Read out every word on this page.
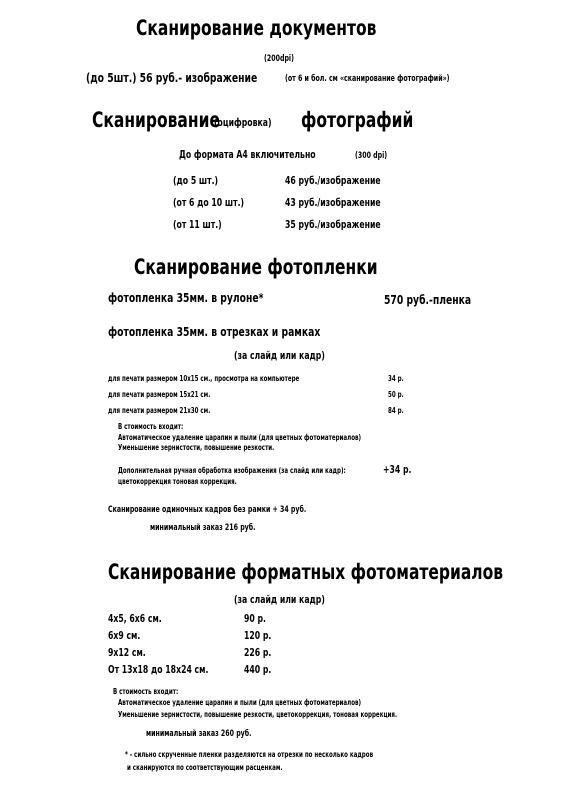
Сканирование документов
(200dpi)
(до 5шт.) 56 руб.- изображение	(от 6 и бол. см «сканирование фотографий»)
Сканирование
(оцифровка) фотографий
До формата А4 включительно	(300 dpi)
(до 5 шт.)	46 руб./изображение
(от 6 до 10 шт.)	43 руб./изображение
(от 11 шт.)	35 руб./изображение
Сканирование фотопленки
фотопленка 35мм. в рулоне*	570 руб.-пленка
фотопленка 35мм. в отрезках и рамках
(за слайд или кадр)
для печати размером 10х15 см., просмотра на компьютере	34 р.
для печати размером 15х21 см.	50 р.
для печати размером 21х30 см.	84 р.
В стоимость входит:
Автоматическое удаление царапин и пыли (для цветных фотоматериалов)
Уменьшение зернистости, повышение резкости.
Дополнительная ручная обработка изображения (за слайд или кадр):	+34 р.
цветокоррекция тоновая коррекция.
Сканирование одиночных кадров без рамки + 34 руб.
минимальный заказ 216 руб.
Сканирование форматных фотоматериалов
(за слайд или кадр)
4х5, 6х6 см.	90 р.
6х9 см.	120 р.
9х12 см.	226 р.
От 13х18 до 18х24 см.	440 р.
В стоимость входит:
Автоматическое удаление царапин и пыли (для цветных фотоматериалов)
Уменьшение зернистости, повышение резкости, цветокоррекция, тоновая коррекция.
минимальный заказ 260 руб.
* - сильно скрученные пленки разделяются на отрезки по несколько кадров
и сканируются по соответствующим расценкам.
